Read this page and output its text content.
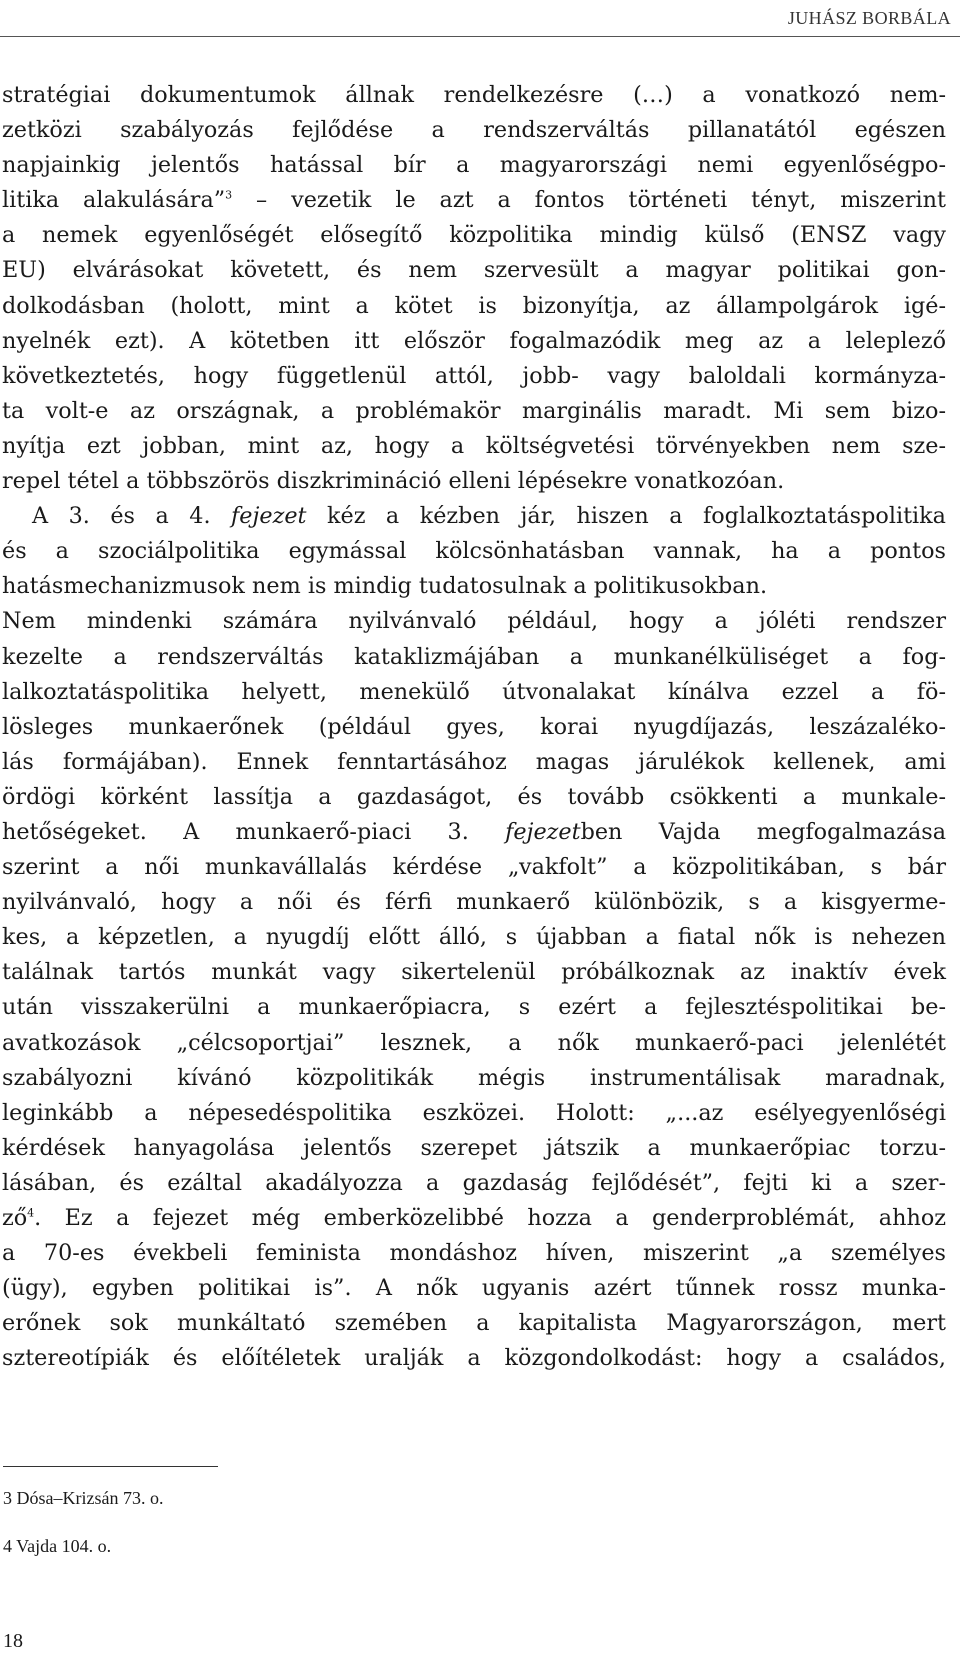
JUHÁSZ BORBÁLA
stratégiai dokumentumok állnak rendelkezésre (…) a vonatkozó nem-
zetközi szabályozás fejlődése a rendszerváltás pillanatától egészen
napjainkig jelentős hatással bír a magyarországi nemi egyenlőségpo-
litika alakulására”$^3$ – vezetik le azt a fontos történeti tényt, miszerint
a nemek egyenlőségét elősegítő közpolitika mindig külső (ENSZ vagy
EU) elvárásokat követett, és nem szervesült a magyar politikai gon-
dolkodásban (holott, mint a kötet is bizonyítja, az állampolgárok igé-
nyelnék ezt). A kötetben itt először fogalmazódik meg az a leleplező
következtetés, hogy függetlenül attól, jobb- vagy baloldali kormányza-
ta volt-e az országnak, a problémakör marginális maradt. Mi sem bizo-
nyítja ezt jobban, mint az, hogy a költségvetési törvényekben nem sze-
repel tétel a többszörös diszkrimináció elleni lépésekre vonatkozóan.
A 3. és a 4. fejezet kéz a kézben jár, hiszen a foglalkoztatáspolitika
és a szociálpolitika egymással kölcsönhatásban vannak, ha a pontos
hatásmechanizmusok nem is mindig tudatosulnak a politikusokban.
Nem mindenki számára nyilvánvaló például, hogy a jóléti rendszer
kezelte a rendszerváltás kataklizmájában a munkanélküliséget a fog-
lalkoztatáspolitika helyett, menekülő útvonalakat kínálva ezzel a fö-
lösleges munkaerőnek (például gyes, korai nyugdíjazás, leszázaléko-
lás formájában). Ennek fenntartásához magas járulékok kellenek, ami
ördögi körként lassítja a gazdaságot, és tovább csökkenti a munkale-
hetőségeket. A munkaerő-piaci 3. fejezetben Vajda megfogalmazása
szerint a női munkavállalás kérdése „vakfolt” a közpolitikában, s bár
nyilvánvaló, hogy a női és férfi munkaerő különbözik, s a kisgyerme-
kes, a képzetlen, a nyugdíj előtt álló, s újabban a fiatal nők is nehezen
találnak tartós munkát vagy sikertelenül próbálkoznak az inaktív évek
után visszakerülni a munkaerőpiacra, s ezért a fejlesztéspolitikai be-
avatkozások „célcsoportjai” lesznek, a nők munkaerő-paci jelenlétét
szabályozni kívánó közpolitikák mégis instrumentálisak maradnak,
leginkább a népesedéspolitika eszközei. Holott: „...az esélyegyenlőségi
kérdések hanyagolása jelentős szerepet játszik a munkaerőpiac torzu-
lásában, és ezáltal akadályozza a gazdaság fejlődését”, fejti ki a szer-
$ző^4$. Ez a fejezet még emberközelibbé hozza a genderproblémát, ahhoz
a 70-es évekbeli feminista mondáshoz híven, miszerint „a személyes
(ügy), egyben politikai is”. A nők ugyanis azért tűnnek rossz munka-
erőnek sok munkáltató szemében a kapitalista Magyarországon, mert
sztereotípiák és előítéletek uralják a közgondolkodást: hogy a családos,
3 Dósa–Krizsán 73. o.
4 Vajda 104. o.
18
